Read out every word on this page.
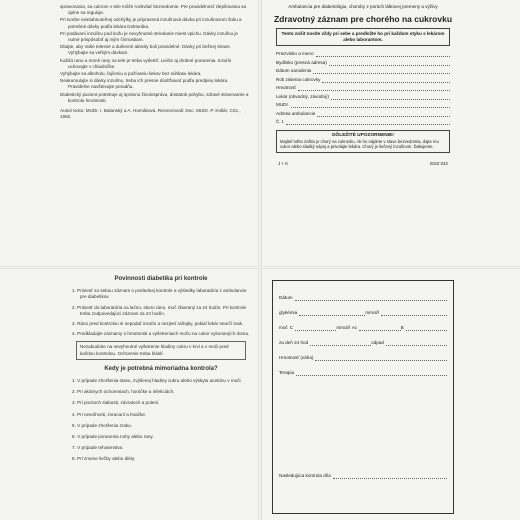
spravovania, sa cukrom v tele môže rozkvitať bezvedomie. Pre pravidelnosť zlepšovania sa úplne sa reguluje.
Pri tvorbe nestiahnuteľnej odchýlky je pripravená inzulínová dávka pri inzulínovom šoku a potrebné dávky podľa lekára Doktoráku.
Pri podávaní inzulínu pod kožu je nevyhnutné striedanie miest vpichu. Dávky inzulínu je nutné prispôsobiť aj iným činnostiam.
Dbajte, aby Vaše telesné a duševné aktivity boli pravidelné. Dávky pri bežnej strave. Vyhýbajte sa veľkým dávkam.
Každú ranu a rezné rany na tele je treba vyšetriť. Liečte aj drobné poranenia. Inzulín uchovajte v chladničke.
Vyhýbajte sa alkoholu, fajčeniu a požívaniu liekov bez súhlasu lekára.
Neakumulujte si dávky inzulínu, treba ich presne dodržiavať podľa predpisu lekára. Pravidelne navštevujte poradňu.
Diabetický pacient potrebuje aj správnu životosprávu, dostatok pohybu, zdravé stravovanie a kontrolu hmotnosti.
Autori textu: MUDr. I. Balanský a A. Hornáková. Recenzovali: Doc. MUDr. P. Kollár, CSc., 1982.
Ambulancia pre diabetológiu, choroby z porúch látkovej premeny a výživy
Zdravotný záznam pre chorého na cukrovku
Tento zošit nosíte vždy pri sebe a predložte ho pri každom styku s lekárom alebo laborantom.
Priezvisko a meno
Bydlisko (presná adresa)
Dátum narodenia
Rok zistenia cukrovky
Hmotnosť
Lekár (obvodný, závodný)
MUDr.
Adresa ambulancie
Č. t.
DÔLEŽITÉ UPOZORNENIE!
Majiteľ tohto zošitu je chorý na cukrovku. Ak ho nájdete v stave bezvedomia, dajte mu cukor alebo sladký nápoj a privolajte lekára. Chorý je liečený inzulínom. Ďakujeme.
J + K	ISSZ 042
Povinnosti diabetika pri kontrole
1. Priniesť so sebou záznam o poslednej kontrole a výsledky laboratória z ambulancie pre diabetikov.
2. Priniesť do laboratória na lačno, skoro ráno, moč zbieraný za 24 hodín. Pri kontrole treba zodpovedajúci záznam za 24 hodín.
3. Ráno pred kontrolou si nepodať inzulín a nezjesť raňajky, pokiaľ lekár neurčí inak.
4. Predkladajte záznamy o hmotnosti a vyšetreniach moču na cukor vykonaných doma.
Nezabudnite na nevyhnutné vyšetrenie hladiny cukru v krvi a v moči pred každou kontrolou. Ochorenie treba hlásiť.
Kedy je potrebná mimoriadna kontrola?
1. V prípade zhoršenia stavu, zvýšenej hladiny cukru alebo výskytu acetónu v moči.
2. Pri akútnych ochoreniach, horúčke a infekciách.
3. Pri pocitoch slabosti, závratoch a potení.
4. Pri nevoľnosti, zvracaní a hnačke.
5. V prípade zhoršenia zraku.
6. V prípade poranenia nohy alebo rany.
7. V prípade tehotenstva.
8. Pri zmene liečby alebo diéty.
Dátum
glykémia	mmol/l
moč C	mmol/l Ac	B
za deň 24 hod	odpad
Hmotnosť (váha)
Terapia
Nasledujúca kontrola dňa
